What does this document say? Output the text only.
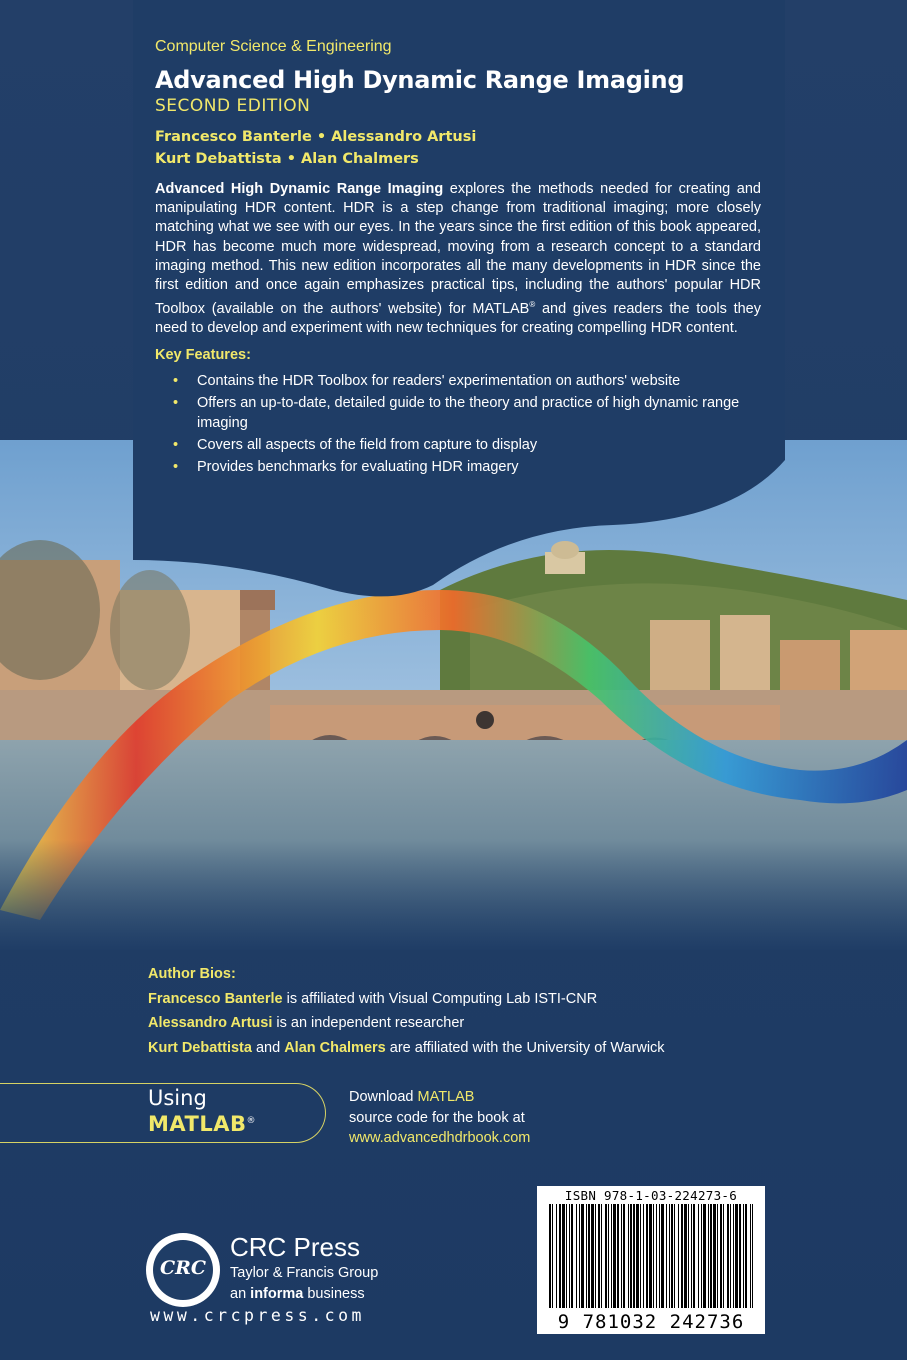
Computer Science & Engineering

Advanced High Dynamic Range Imaging

SECOND EDITION

Francesco Banterle • Alessandro Artusi
Kurt Debattista • Alan Chalmers

Advanced High Dynamic Range Imaging explores the methods needed for creating and manipulating HDR content. HDR is a step change from traditional imaging; more closely matching what we see with our eyes. In the years since the first edition of this book appeared, HDR has become much more widespread, moving from a research concept to a standard imaging method. This new edition incorporates all the many developments in HDR since the first edition and once again emphasizes practical tips, including the authors' popular HDR Toolbox (available on the authors' website) for MATLAB® and gives readers the tools they need to develop and experiment with new techniques for creating compelling HDR content.

Key Features:

• Contains the HDR Toolbox for readers' experimentation on authors' website
• Offers an up-to-date, detailed guide to the theory and practice of high dynamic range imaging
• Covers all aspects of the field from capture to display
• Provides benchmarks for evaluating HDR imagery
Author Bios:
Francesco Banterle is affiliated with Visual Computing Lab ISTI-CNR
Alessandro Artusi is an independent researcher
Kurt Debattista and Alan Chalmers are affiliated with the University of Warwick
Using
MATLAB®
Download MATLAB
source code for the book at
www.advancedhdrbook.com
CRC
CRC Press
Taylor & Francis Group
an informa business
www.crcpress.com
ISBN 978-1-03-224273-6
9 781032 242736
